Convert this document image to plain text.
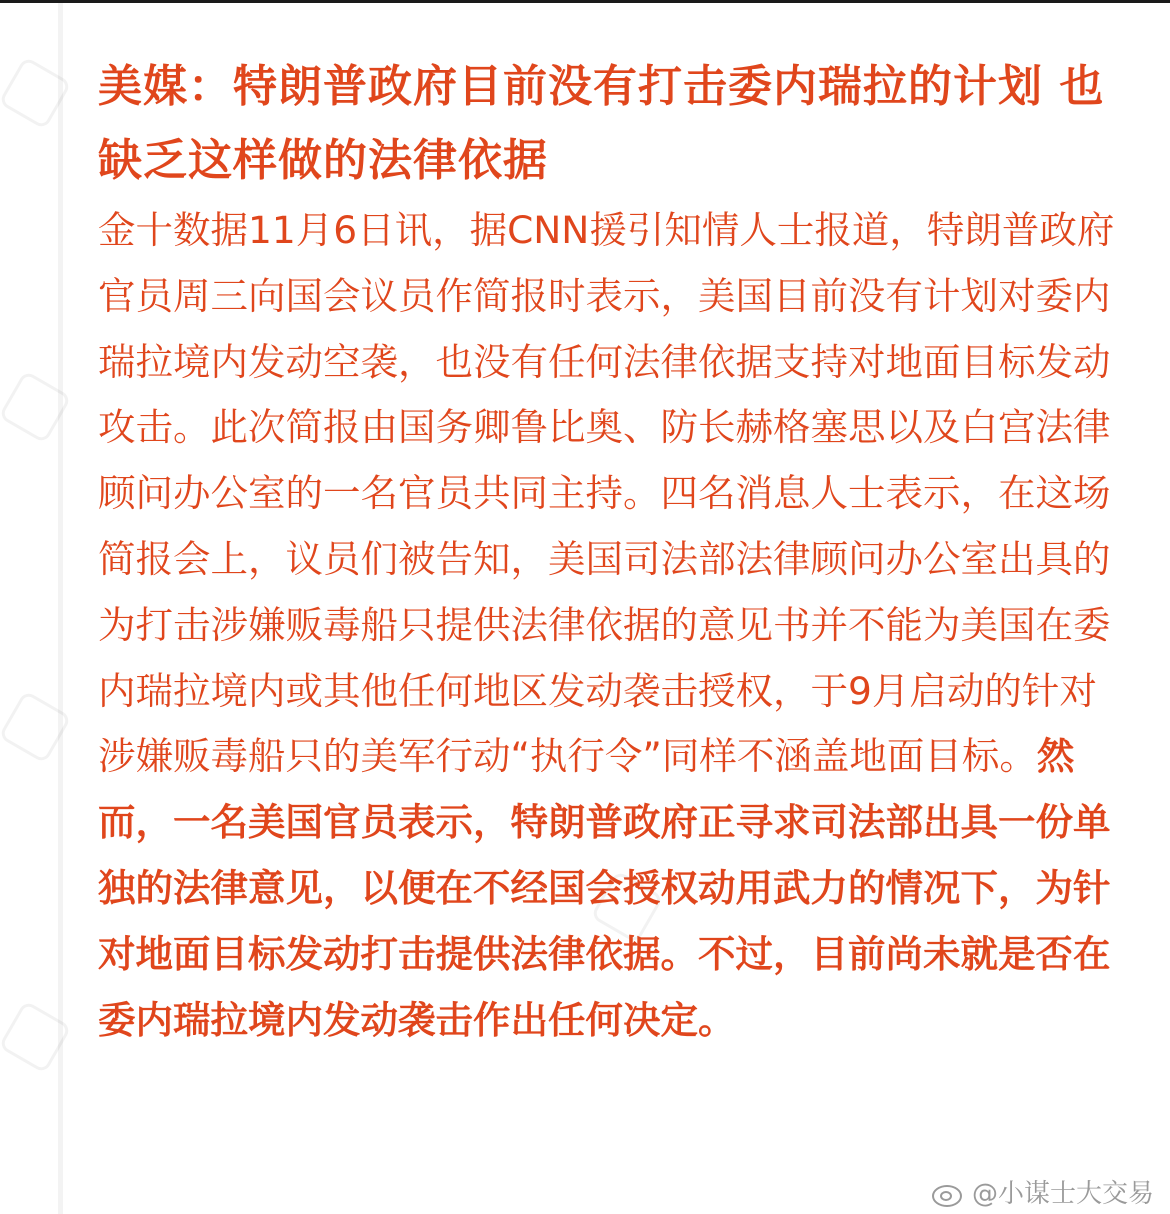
美媒：特朗普政府目前没有打击委内瑞拉的计划 也缺乏这样做的法律依据

金十数据11月6日讯，据CNN援引知情人士报道，特朗普政府官员周三向国会议员作简报时表示，美国目前没有计划对委内瑞拉境内发动空袭，也没有任何法律依据支持对地面目标发动攻击。此次简报由国务卿鲁比奥、防长赫格塞思以及白宫法律顾问办公室的一名官员共同主持。四名消息人士表示，在这场简报会上，议员们被告知，美国司法部法律顾问办公室出具的为打击涉嫌贩毒船只提供法律依据的意见书并不能为美国在委内瑞拉境内或其他任何地区发动袭击授权，于9月启动的针对涉嫌贩毒船只的美军行动“执行令”同样不涵盖地面目标。然而，一名美国官员表示，特朗普政府正寻求司法部出具一份单独的法律意见，以便在不经国会授权动用武力的情况下，为针对地面目标发动打击提供法律依据。不过，目前尚未就是否在委内瑞拉境内发动袭击作出任何决定。

@小谋士大交易
